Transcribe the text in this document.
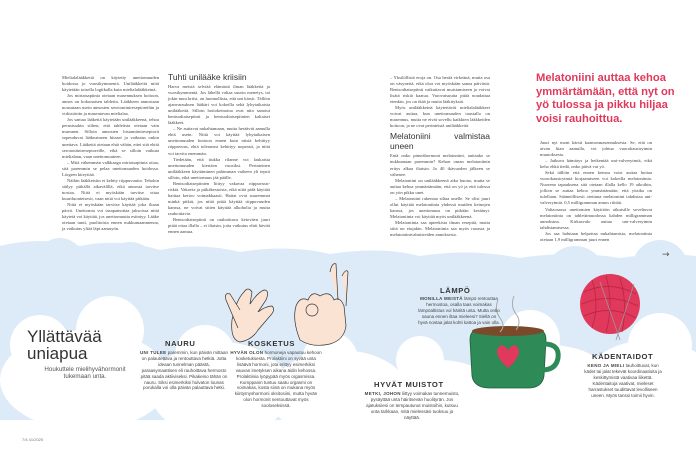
Mielialalääkkeitä on käytetty unettomuuden hoidossa jo vuosikymmeniä. Unilääkkeitä niitä käytetään toisella logiikalla kuin mielialalääkkeinä.

Jos mirtatsapiinia otetaan masennuksen hoitoon, annos on kokonaisen tabletin. Lääkkeen annostaan nousutaan usein annosten serotoniinireseptoreihin ja virkistävän ja masentavan mielialaa.

Jos samaa lääkettä käytetään unilääkkeenä, tehoa perustuukin siihen, että tabletista otetaan vain murunen. Silloin annosten histamiinireseptorit sopeuduvat lääkeaineen hitaset ja vaikutus onkin unettava. Lääkettä otetaan ehtä vähän, ettei sitä ehtiä serotoniinireseptoreille, eikä se silloin vaikuta mielialaan, vaan unettomuuteen.

– Mitä vähemmän valkkaaga mirtatsapiinia ottaa, sitä paremmin se pelaa unettomuuden hoidossa. Lörgren kiteyttää.

Näihin lääkkeisiin ei kehity riippuvuutta. Tehokin säilyy pitkällä aikavälillä, eikä annosta tarvitse nostaa. Niitä ei myöskään tarvitse ottaa kuuriluonteisesti, vaan niitä voi käyttää pitkään.

Niitä ei myöskään tarvitse käyttää joka iltaan päivä. Unettomia voi tasapainottaa jaksoissa niitä käytetä voi käyttää, jos unettomuutta esiintyy. Lääke otetaan tunti, puolitoista ennen nukkumaanmenoa, ja vaikutus yltää läpi aamuyön.

Tuhti unilääke kriisiin

Harva meistä selviää elämästä ilman lääkkeitä ja vuosikymmeniä. Jos lähellä valtaa suurin menetys, tai jokin muu kriisi, on luonnollista, että uni kärsii. Tällöin ajanvarauksen lääkäri voi kokeilla sekä lyhytaikaista unilääkettä. Silloin hoitokeinoina ovat niin sanotut bentsodiatsepiinit ja bentsodiatsepiinien kaltaiset lääkkeet.

– Ne auttavat nukahtamaan, mutta heräävät aamulla ehtä usein. Niitä voi käyttää lyhytaikaisen unettomuuden hoitoon ennen kuin niistä kehittyy riippuvuus, ehtä toleranssi kehittyy nopeasti, ja niitä voi tarvita enemmän.

Tiedetään, että tiukka rilanne voi laukaista unettomuuden kiertäen vuosiksi. Perinteinen unilääkkeen käyttäminen pahimman vaiheen yli tepsii silloin, eikä unettomuus jää päälle.

Bentsodiatsepiinien liittyy vakavaa riippuvuus-riskiä. Vakavia ja pitkäkestoisia, eikä niitä pidä käyttää haittaa kertoo voimakkaasti. Haitat ovat suuremmat minkä pitkät, jos niitä pitää käyttää riippuvuuden kanssa, ne voivat sitten käyttää alkoholia ja muita rauhoittavia.

Bentsodiatsepiinit on rauhoittava ketoväen juuri pitää ottaa illalla – ei iltaisin, jotta vaikutus ehtii hävitä ennen aamua.

– Yksilöllisiä eroja on. Osa herää virkeänä, mutta osa on väsyneitä, eikä oloa voi myöskään sanoa päivästä. Bentsodiatsepiinit vaikuttavat muistamiseen ja voivat lisätä riskiä kaatua. Varovaisuutta pitää noudattaa etenkin, jos on ikää ja muita lääkityksiä.

Myös unilääkkeinä käytettävät mielialalääkkeet voivat auttaa, kun unettomuuden taustalla on masennus, mutta ne eivät sovellu kaikkien lääkkeiden hoitoon, ja ne ovat perinteisiä unilääkkeitä.

Melatoniini valmistaa uneen

Entä onko pimeähormoni melatoniini, auttaako se nukkumaan paremmin? Kehon oman melatoniinin eritys alkaa iltaisin. Ja 40 ikävuoden jälkeen se vähenee.

Melatoniini on unilääkkeenä aika huono, mutta se auttaa kehoa ymmärtämään, että on yö ja että tulossa on yön pikku unet.

– Melatoniini rakentaa siltaa unelle. Se olisi juuri ollut käyttää melatoniinia yhdessä muiden keinojen kanssa, jos unettomuus on pitkään kestänyt. Melatoniinia voi käyttää myös unilääkkeenä.

Melatoniinia saa apteekista ilman reseptiä, mutta siitä on etujakin. Melatoniinia saa myös ruoasta ja melatoniinivalmisteiden annoksesta.

Melatoniini auttaa kehoa ymmärtämään, että nyt on yö tulossa ja pikku hiljaa voisi rauhoittua.

Juuri nyt moni kärsii kaamosmasennuksesta. Se, että on aivan liian aamulla, voi johtua vuorokausirytmin muutoksesta.

– Jatkuva hämärys ja heikentää uni-valverytmiä, eikä keho ehkä tiedä, onko päivä vai yö.

Sekä tällöin että ennen keinoa voisi auttaa hoitaa vuorokausirytmiä korjaamiseen voi kokeilla melatoniinia. Nuorena tapauksena sitä otetaan illalla kello 19 aikoihin, jolloin se auttaa kehoa ymmärtämään, että yöaika on tulollaan. Säännöllisesti otettuna melatoniini tahdistaa uni-valverytmiä. 0,5 milligramman annos riittää.

Valtaosassa unettomien käyttöön aikuisille soveltuvat melatoniinia on tablettimuodossa kahden milligramman annoksina. Kirkasvalo auttaa uni-valverytmin tahdistamisessa.

Jos saa halutaan helpottaa nukahtamista, melatoniinia otetaan 1,9 milligramman juuri ennen

→
Yllättävää uniapua
Houkuttele mielihyvähormonit tukemaan unta.
7/4 41/2025
NAURU
UNI TULEE paremmin, kun päivän mittaan on palautettava ja rentouttava hetkiä. Jotta ideaan tunnelman päästä, paraasymaattisen eli rauhoittava hermosto pitää saada aktiiviseksi. Pikakeino tähän on nauru. Siksi esimerkiksi hulvaton lounas porukalla voi olla päivän palauttava hetki.
KOSKETUS
HYVÄN OLON hormoneja vapautuu kehoon kosketuksesta. Prolaktiini on syvää unta lisäävä hormoni, jota erittyy esimerkiksi vauvan imetyksen aikana äidin kehossa. Prolaktiinia lyöpypää myös orgasmissa. Kumppanin tuntuu saatu orgasmi on voimakas, kosta siinä on mukana myös kiintymyshormoni oksitosiini, mutta hyvän olon hormonit nentouttavat myös sooloseksissä.
HYVÄT MUISTOT
METKI, JOHON liittyy voimakas tunnemuisto, pysäyttää unta häiritsevän huolityrän. Jos ajatuksiiesi on tempautunut muistoihin, kutsuu unta tarkkaan, mitä mielessäsi tuoksuu ja näyttää.
LÄMPÖ
MONILLA MEISTÄ lämpö rentouttaa hermostoa, osalla taas voimakas lämpöaltistus voi häiritä unta. Mutta onko sauna ennen iltaa mieleesi? Siellä on hyvä nostaa jalat kohti kattoa ja vain olla.
KÄDENTAIDOT
KENO JA MIELI tauhoittuvat, kun kädet tai jalat tekevät koordinaatioita ja keskittymistä vaativaa liikettä. Kädentaitoja vaativat, mieleset harrastukset tuudittavat levolliseen uneen. Myös tanssi toimii hyvin.
